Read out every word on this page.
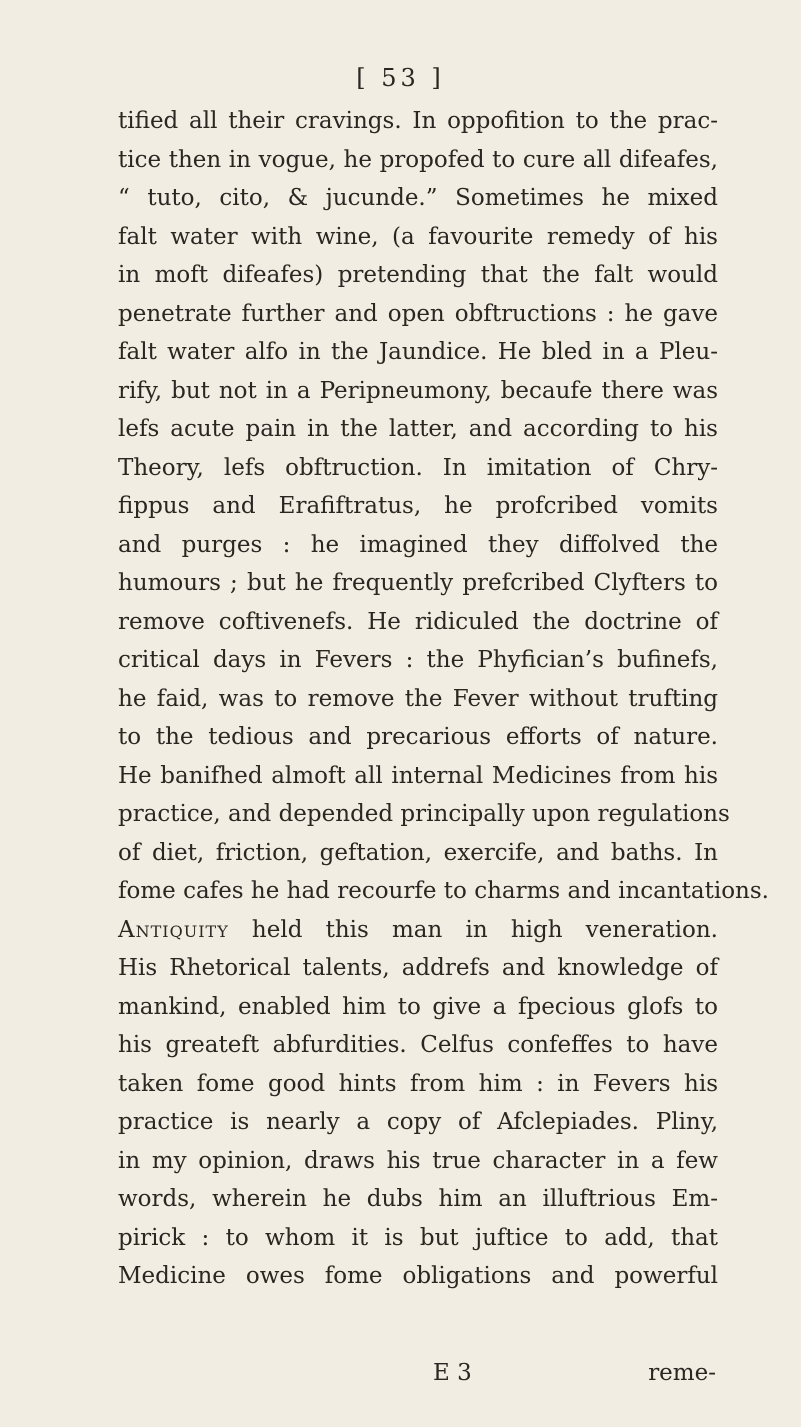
[ 53 ]
tified all their cravings. In oppofition to the prac-
tice then in vogue, he propofed to cure all difeafes,
“ tuto, cito, & jucunde.” Sometimes he mixed
falt water with wine, (a favourite remedy of his
in moft difeafes) pretending that the falt would
penetrate further and open obftructions : he gave
falt water alfo in the Jaundice. He bled in a Pleu-
rify, but not in a Peripneumony, becaufe there was
lefs acute pain in the latter, and according to his
Theory, lefs obftruction. In imitation of Chry-
fippus and Erafiftratus, he profcribed vomits
and purges : he imagined they diffolved the
humours ; but he frequently prefcribed Clyfters to
remove coftivenefs. He ridiculed the doctrine of
critical days in Fevers : the Phyfician’s bufinefs,
he faid, was to remove the Fever without trufting
to the tedious and precarious efforts of nature.
He banifhed almoft all internal Medicines from his
practice, and depended principally upon regulations
of diet, friction, geftation, exercife, and baths. In
fome cafes he had recourfe to charms and incantations.
Antiquity held this man in high veneration.
His Rhetorical talents, addrefs and knowledge of
mankind, enabled him to give a fpecious glofs to
his greateft abfurdities. Celfus confeffes to have
taken fome good hints from him : in Fevers his
practice is nearly a copy of Afclepiades. Pliny,
in my opinion, draws his true character in a few
words, wherein he dubs him an illuftrious Em-
pirick : to whom it is but juftice to add, that
Medicine owes fome obligations and powerful
E 3	reme-
